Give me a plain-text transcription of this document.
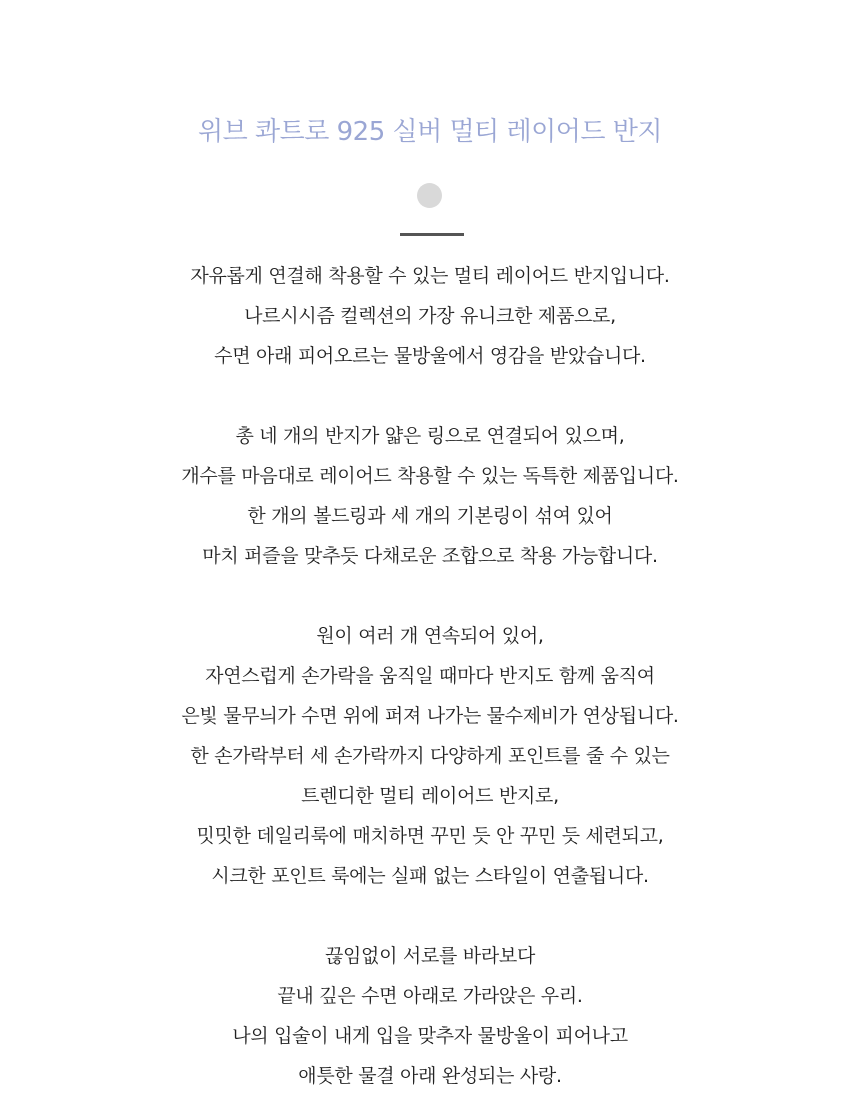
위브 콰트로 925 실버 멀티 레이어드 반지
자유롭게 연결해 착용할 수 있는 멀티 레이어드 반지입니다.
나르시시즘 컬렉션의 가장 유니크한 제품으로,
수면 아래 피어오르는 물방울에서 영감을 받았습니다.
총 네 개의 반지가 얇은 링으로 연결되어 있으며,
개수를 마음대로 레이어드 착용할 수 있는 독특한 제품입니다.
한 개의 볼드링과 세 개의 기본링이 섞여 있어
마치 퍼즐을 맞추듯 다채로운 조합으로 착용 가능합니다.
원이 여러 개 연속되어 있어,
자연스럽게 손가락을 움직일 때마다 반지도 함께 움직여
은빛 물무늬가 수면 위에 퍼져 나가는 물수제비가 연상됩니다.
한 손가락부터 세 손가락까지 다양하게 포인트를 줄 수 있는
트렌디한 멀티 레이어드 반지로,
밋밋한 데일리룩에 매치하면 꾸민 듯 안 꾸민 듯 세련되고,
시크한 포인트 룩에는 실패 없는 스타일이 연출됩니다.
끊임없이 서로를 바라보다
끝내 깊은 수면 아래로 가라앉은 우리.
나의 입술이 내게 입을 맞추자 물방울이 피어나고
애틋한 물결 아래 완성되는 사랑.
